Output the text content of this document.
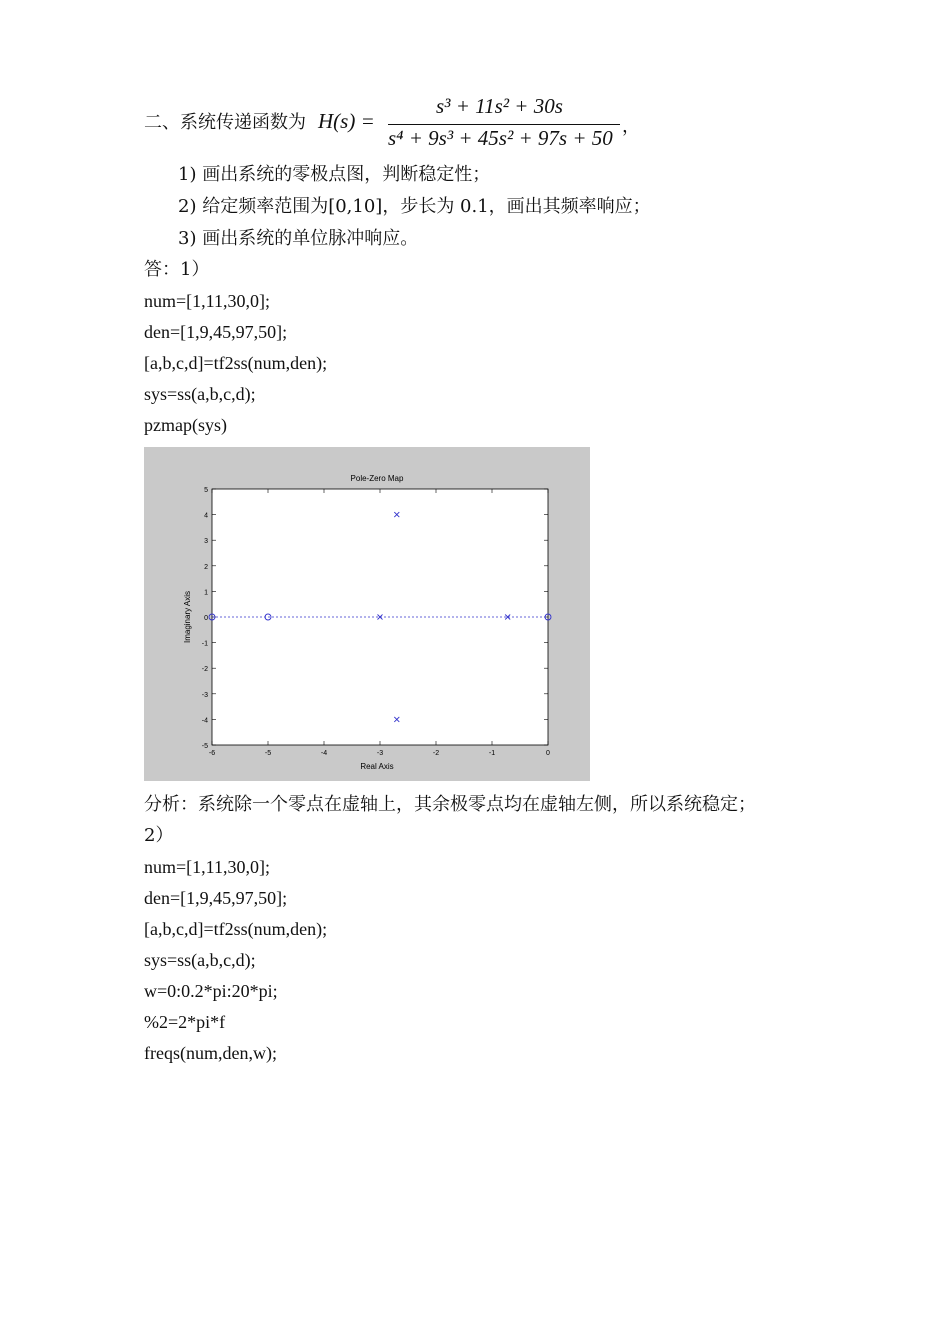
二、系统传递函数为 H(s) =
s³ + 11s² + 30s
s⁴ + 9s³ + 45s² + 97s + 50 ，
1) 画出系统的零极点图，判断稳定性；
2) 给定频率范围为[0,10]，步长为 0.1，画出其频率响应；
3) 画出系统的单位脉冲响应。
答：1）
num=[1,11,30,0];
den=[1,9,45,97,50];
[a,b,c,d]=tf2ss(num,den);
sys=ss(a,b,c,d);
pzmap(sys)
Pole-Zero Map
5
4
3
2
1
0
-1
-2
-3
-4
-5
-6	-5	-4	-3	-2	-1	0
Real Axis
Imaginary Axis
分析：系统除一个零点在虚轴上，其余极零点均在虚轴左侧，所以系统稳定；
2）
num=[1,11,30,0];
den=[1,9,45,97,50];
[a,b,c,d]=tf2ss(num,den);
sys=ss(a,b,c,d);
w=0:0.2*pi:20*pi;
%2=2*pi*f
freqs(num,den,w);
